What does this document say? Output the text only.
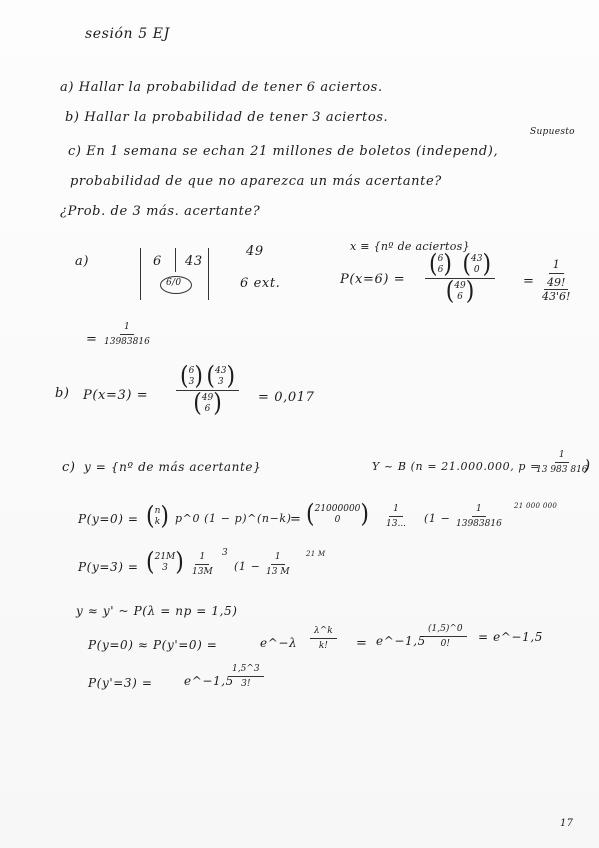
sesión 5 EJ
a) Hallar la probabilidad de tener 6 aciertos.
b) Hallar la probabilidad de tener 3 aciertos.
Supuesto
c) En 1 semana se echan 21 millones de boletos (independ),
probabilidad de que no aparezca un más acertante?
¿Prob. de 3 más. acertante?
a)	6 43
6/0
49
6 ext.
x ≡ {nº de aciertos}
P(x=6) = ( 6
6 )
( 43
0 )
( 49
6 ) = $\frac{1}{\frac{49!}{43'6!}}$
= $\frac{1}{13983816}$
b) P(x=3) = ( 6
3 )
( 43
3 )
( 49
6 ) = 0,017
c) y = {nº de más acertante}	Y ~ B (n = 21.000.000, p =
$\frac{1}{13 983 816}$
)
P(y=0) = ( n
k ) p^0 (1 − p)^(n−k)
= ( 21000000
0 ) $\frac{1}{13...} (1 - \frac{1}{13983816} 21$ 000 000
P(y=3) = ( 21M
3 ) $\frac{1}{13M} 3$
($1 - \frac{1}{13 M} 21$ M
y ≈ y' ~ P(λ = np = 1,5)
P(y=0) ≈ P(y'=0) =	e^−λ $\frac{\lambda\^{}k}{k!}$ = e^−1,5
$\frac{(1,5)\^{}0}{0!}$ = e^−1,5
P(y'=3) =	e^−1,5
$\frac{1,5\^{}3}{3!}$
17
